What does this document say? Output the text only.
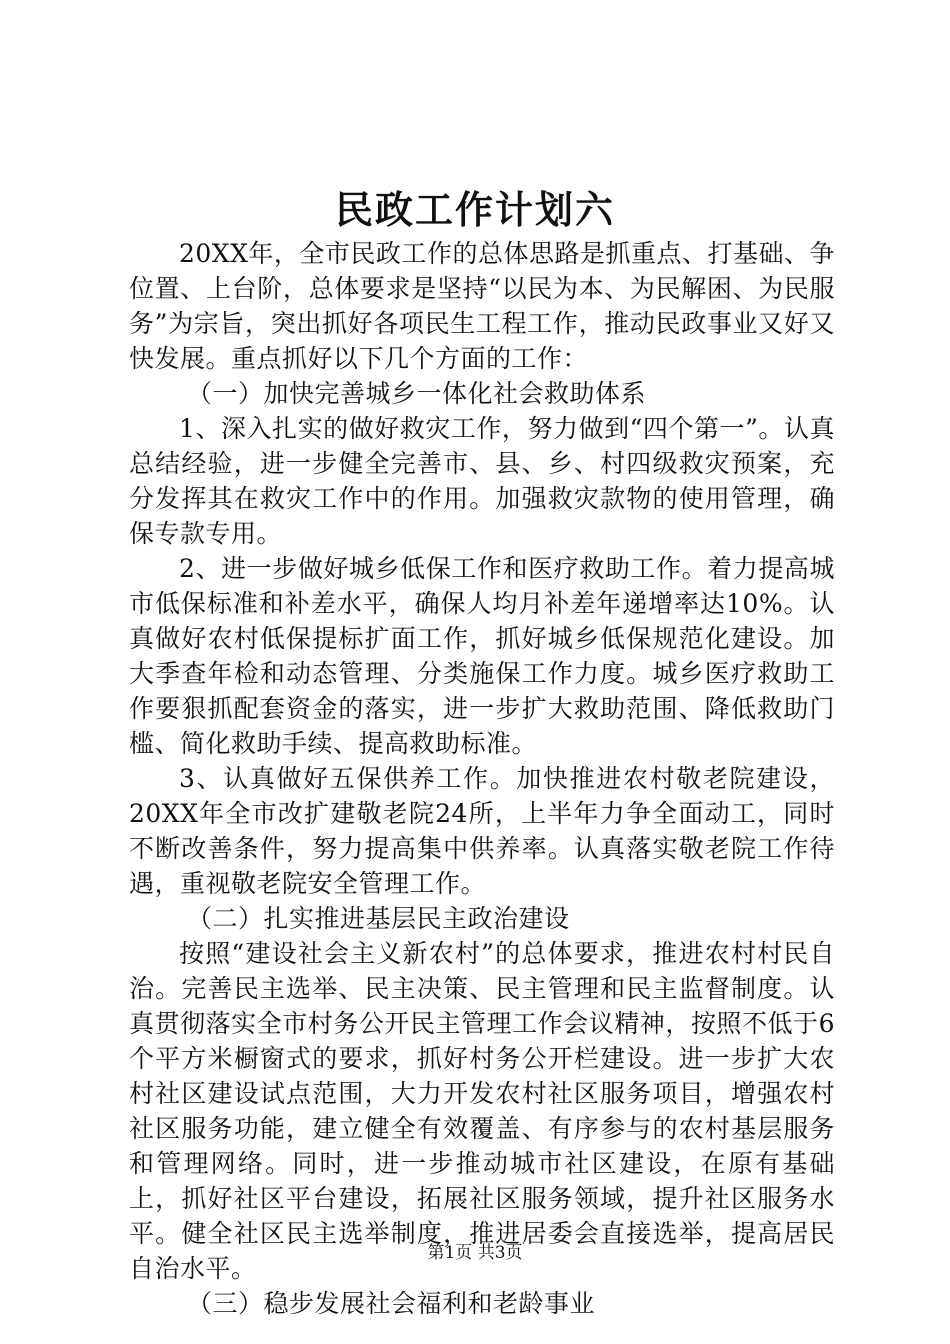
民政工作计划六

20XX年，全市民政工作的总体思路是抓重点、打基础、争位置、上台阶，总体要求是坚持“以民为本、为民解困、为民服务”为宗旨，突出抓好各项民生工程工作，推动民政事业又好又快发展。重点抓好以下几个方面的工作：

（一）加快完善城乡一体化社会救助体系

1、深入扎实的做好救灾工作，努力做到“四个第一”。认真总结经验，进一步健全完善市、县、乡、村四级救灾预案，充分发挥其在救灾工作中的作用。加强救灾款物的使用管理，确保专款专用。

2、进一步做好城乡低保工作和医疗救助工作。着力提高城市低保标准和补差水平，确保人均月补差年递增率达10%。认真做好农村低保提标扩面工作，抓好城乡低保规范化建设。加大季查年检和动态管理、分类施保工作力度。城乡医疗救助工作要狠抓配套资金的落实，进一步扩大救助范围、降低救助门槛、简化救助手续、提高救助标准。

3、认真做好五保供养工作。加快推进农村敬老院建设，20XX年全市改扩建敬老院24所，上半年力争全面动工，同时不断改善条件，努力提高集中供养率。认真落实敬老院工作待遇，重视敬老院安全管理工作。

（二）扎实推进基层民主政治建设

按照“建设社会主义新农村”的总体要求，推进农村村民自治。完善民主选举、民主决策、民主管理和民主监督制度。认真贯彻落实全市村务公开民主管理工作会议精神，按照不低于6个平方米橱窗式的要求，抓好村务公开栏建设。进一步扩大农村社区建设试点范围，大力开发农村社区服务项目，增强农村社区服务功能，建立健全有效覆盖、有序参与的农村基层服务和管理网络。同时，进一步推动城市社区建设，在原有基础上，抓好社区平台建设，拓展社区服务领域，提升社区服务水平。健全社区民主选举制度，推进居委会直接选举，提高居民自治水平。

（三）稳步发展社会福利和老龄事业

第1页 共3页
